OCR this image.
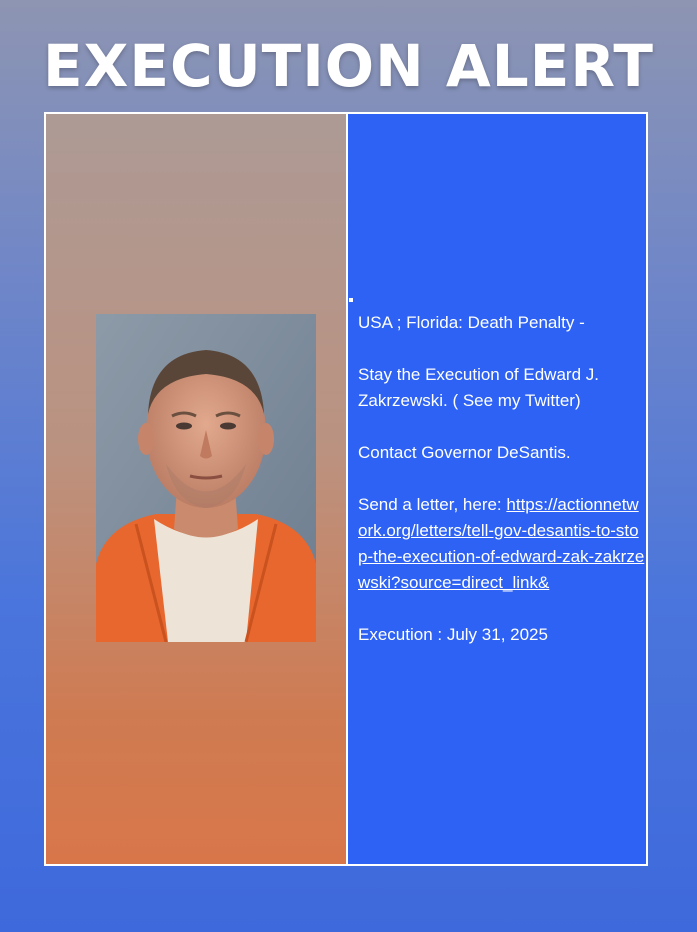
EXECUTION ALERT

USA ; Florida: Death Penalty -

Stay the Execution of Edward J. Zakrzewski. ( See my Twitter)

Contact Governor DeSantis.

Send a letter, here: https://actionnetwork.org/letters/tell-gov-desantis-to-stop-the-execution-of-edward-zak-zakrzewski?source=direct_link&

Execution : July 31, 2025
